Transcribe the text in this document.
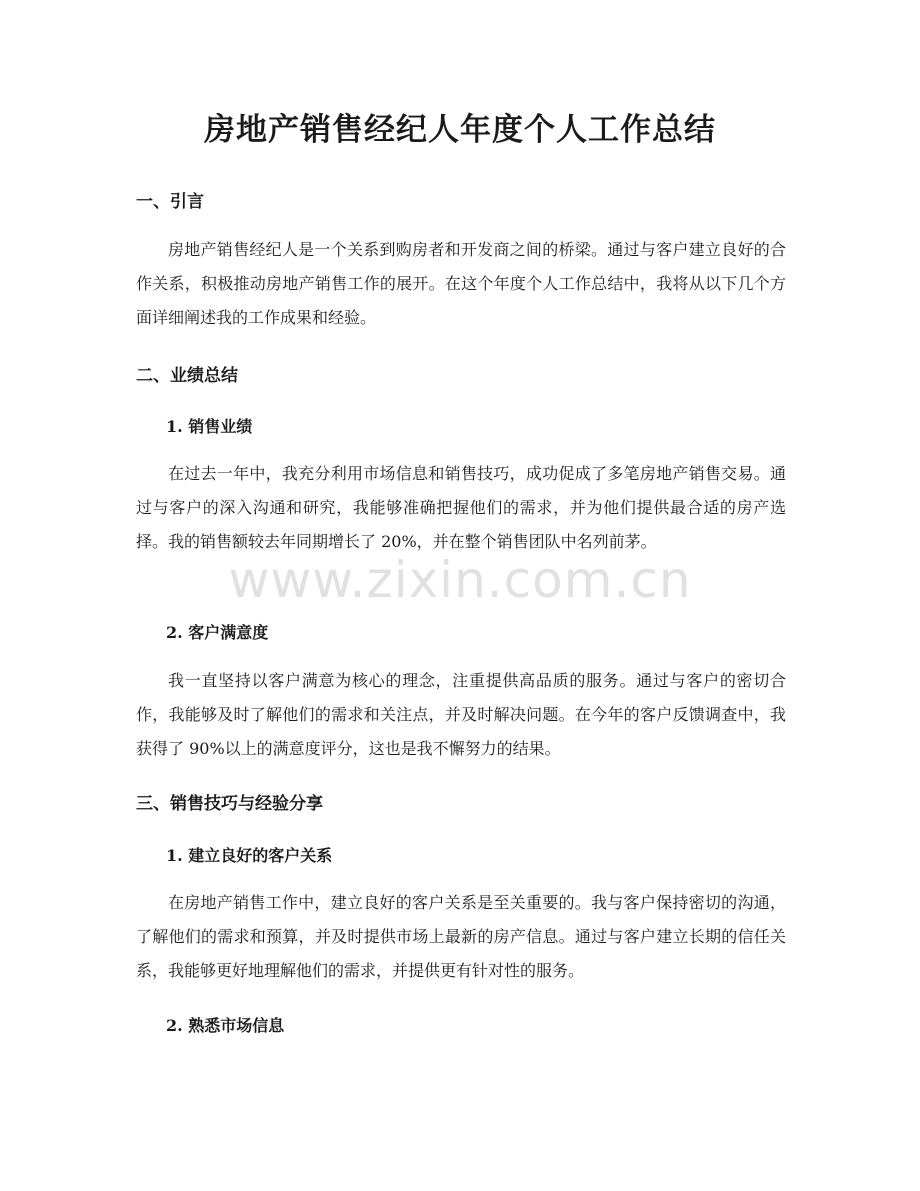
房地产销售经纪人年度个人工作总结
一、引言

房地产销售经纪人是一个关系到购房者和开发商之间的桥梁。通过与客户建立良好的合作关系，积极推动房地产销售工作的展开。在这个年度个人工作总结中，我将从以下几个方面详细阐述我的工作成果和经验。

二、业绩总结
1. 销售业绩

在过去一年中，我充分利用市场信息和销售技巧，成功促成了多笔房地产销售交易。通过与客户的深入沟通和研究，我能够准确把握他们的需求，并为他们提供最合适的房产选择。我的销售额较去年同期增长了 20%，并在整个销售团队中名列前茅。

2. 客户满意度

我一直坚持以客户满意为核心的理念，注重提供高品质的服务。通过与客户的密切合作，我能够及时了解他们的需求和关注点，并及时解决问题。在今年的客户反馈调查中，我获得了 90%以上的满意度评分，这也是我不懈努力的结果。

三、销售技巧与经验分享
1. 建立良好的客户关系

在房地产销售工作中，建立良好的客户关系是至关重要的。我与客户保持密切的沟通，了解他们的需求和预算，并及时提供市场上最新的房产信息。通过与客户建立长期的信任关系，我能够更好地理解他们的需求，并提供更有针对性的服务。

2. 熟悉市场信息
www.zixin.com.cn
